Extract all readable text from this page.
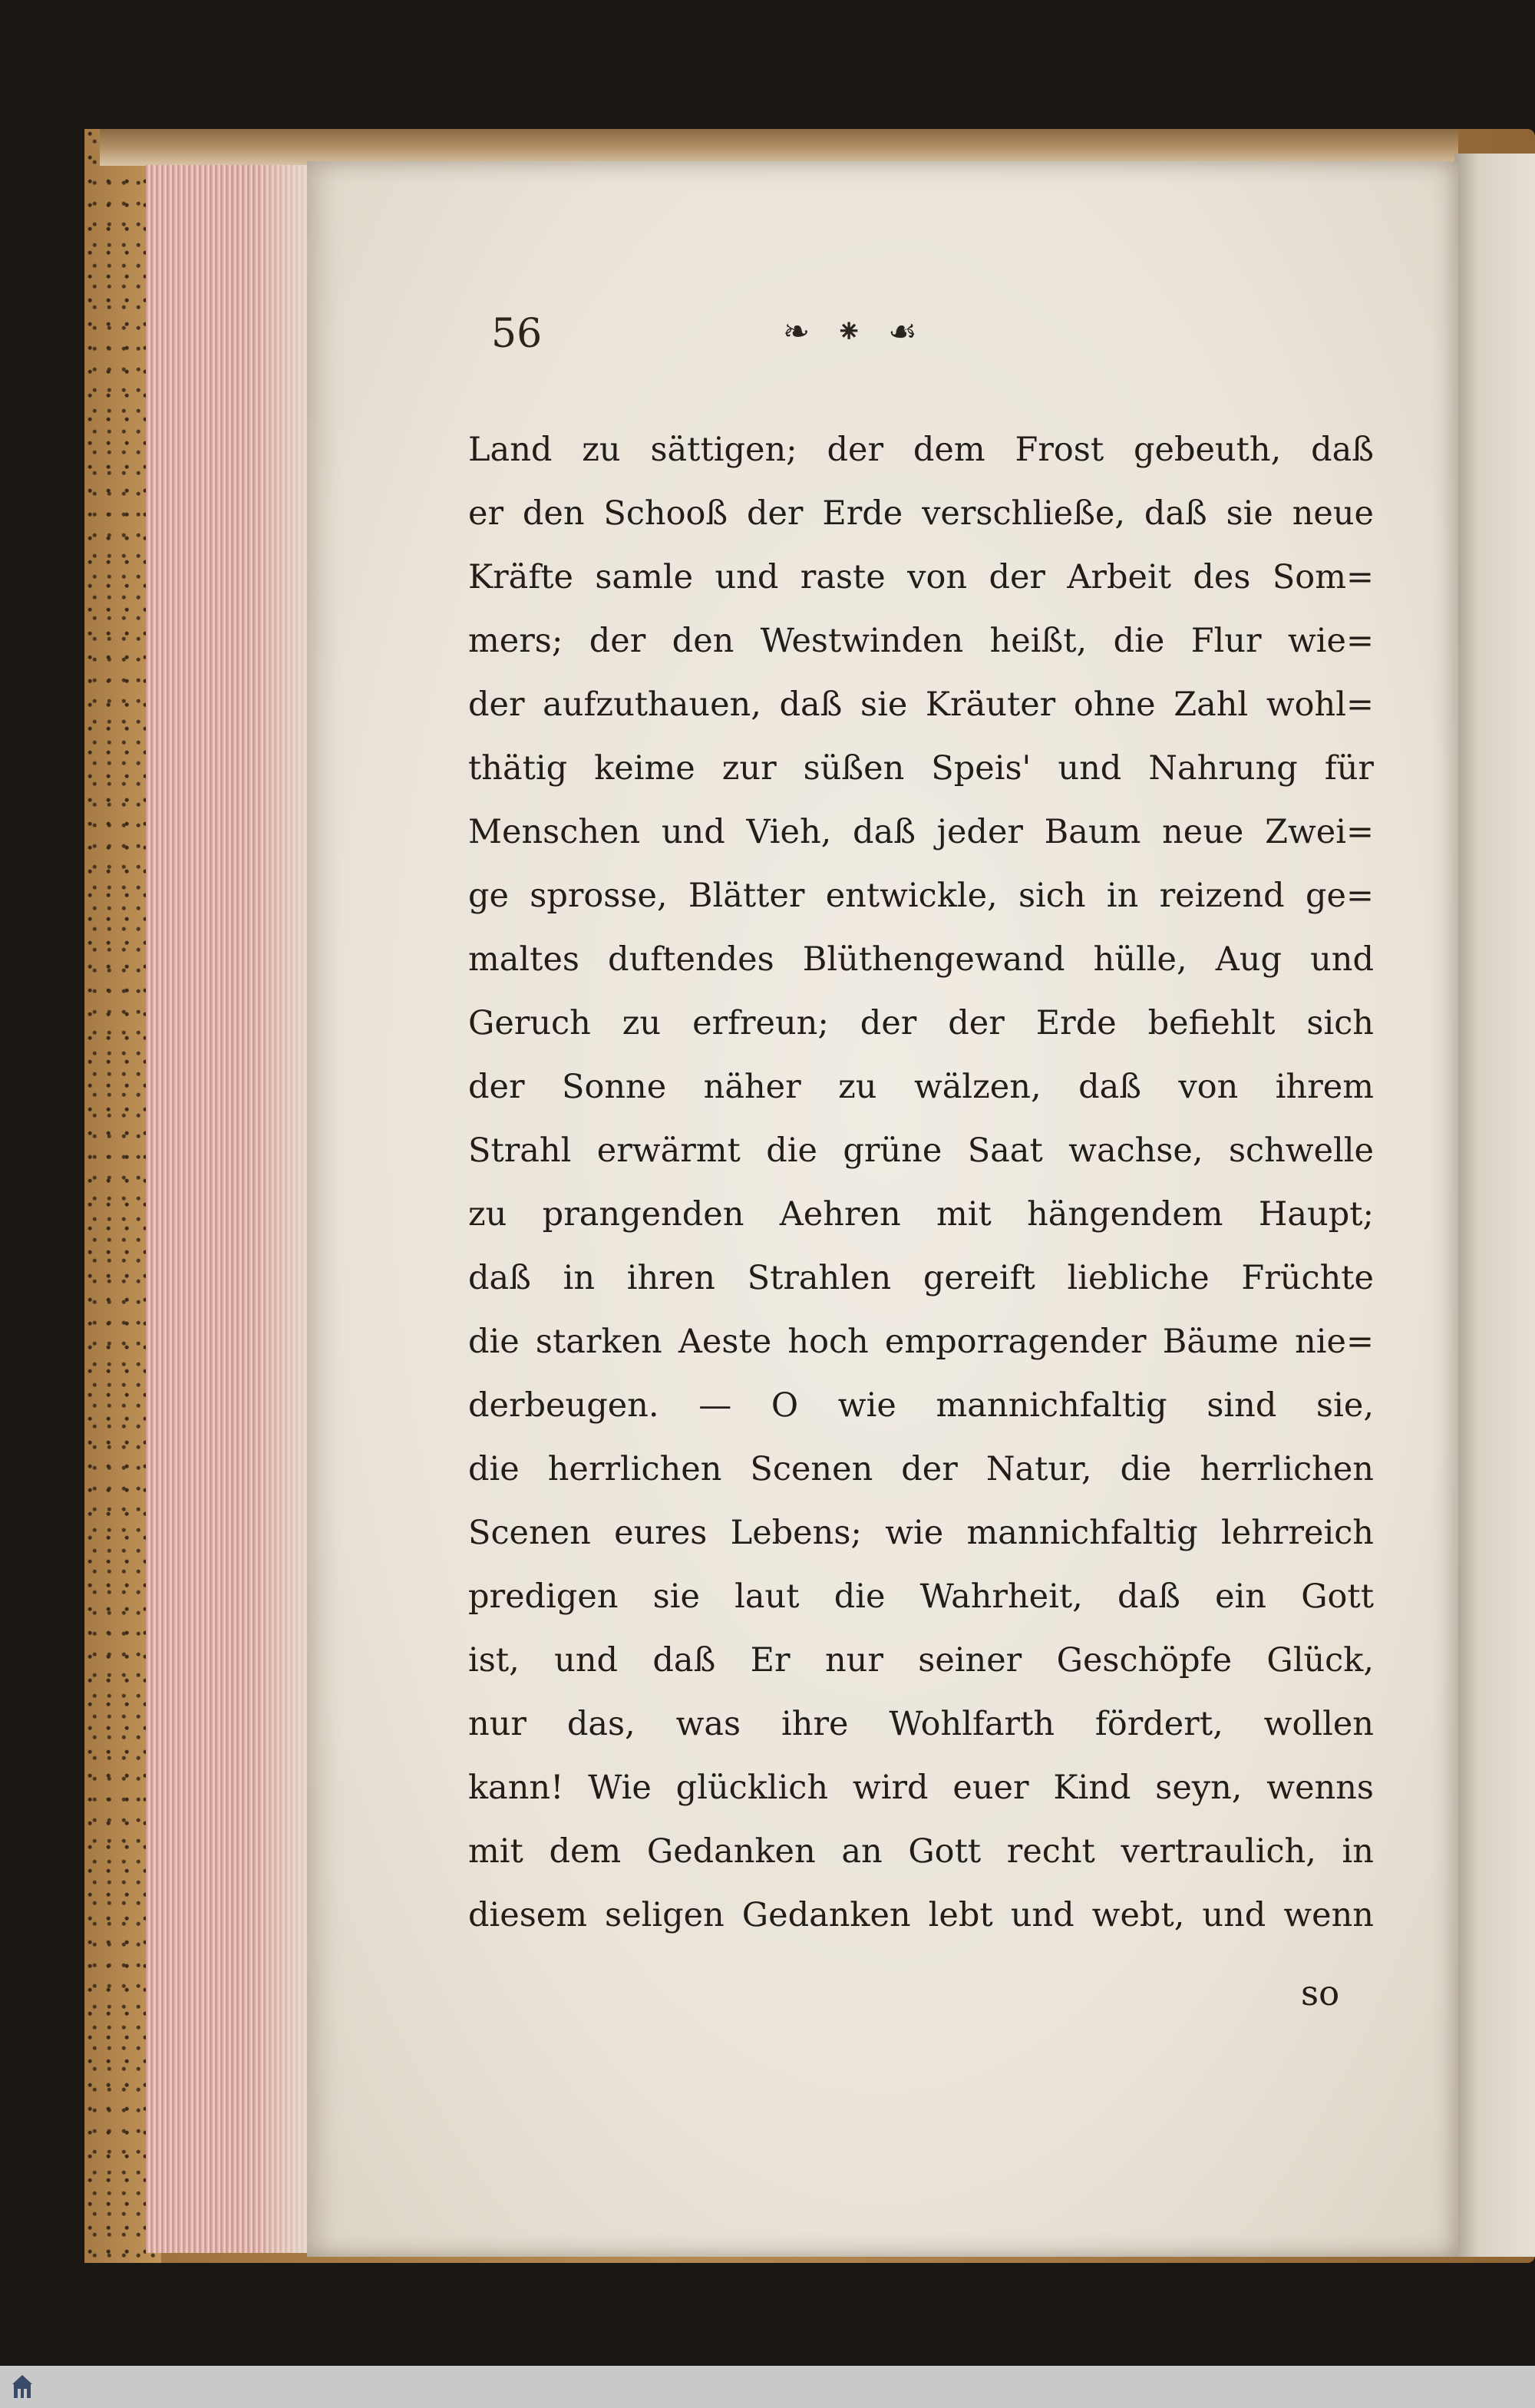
56	❧ ⁕ ☙
Land zu sättigen; der dem Frost gebeuth, daß
er den Schooß der Erde verschließe, daß sie neue
Kräfte samle und raste von der Arbeit des Som=
mers; der den Westwinden heißt, die Flur wie=
der aufzuthauen, daß sie Kräuter ohne Zahl wohl=
thätig keime zur süßen Speis' und Nahrung für
Menschen und Vieh, daß jeder Baum neue Zwei=
ge sprosse, Blätter entwickle, sich in reizend ge=
maltes duftendes Blüthengewand hülle, Aug und
Geruch zu erfreun; der der Erde befiehlt sich
der Sonne näher zu wälzen, daß von ihrem
Strahl erwärmt die grüne Saat wachse, schwelle
zu prangenden Aehren mit hängendem Haupt;
daß in ihren Strahlen gereift liebliche Früchte
die starken Aeste hoch emporragender Bäume nie=
derbeugen. — O wie mannichfaltig sind sie,
die herrlichen Scenen der Natur, die herrlichen
Scenen eures Lebens; wie mannichfaltig lehrreich
predigen sie laut die Wahrheit, daß ein Gott
ist, und daß Er nur seiner Geschöpfe Glück,
nur das, was ihre Wohlfarth fördert, wollen
kann! Wie glücklich wird euer Kind seyn, wenns
mit dem Gedanken an Gott recht vertraulich, in
diesem seligen Gedanken lebt und webt, und wenn
so
